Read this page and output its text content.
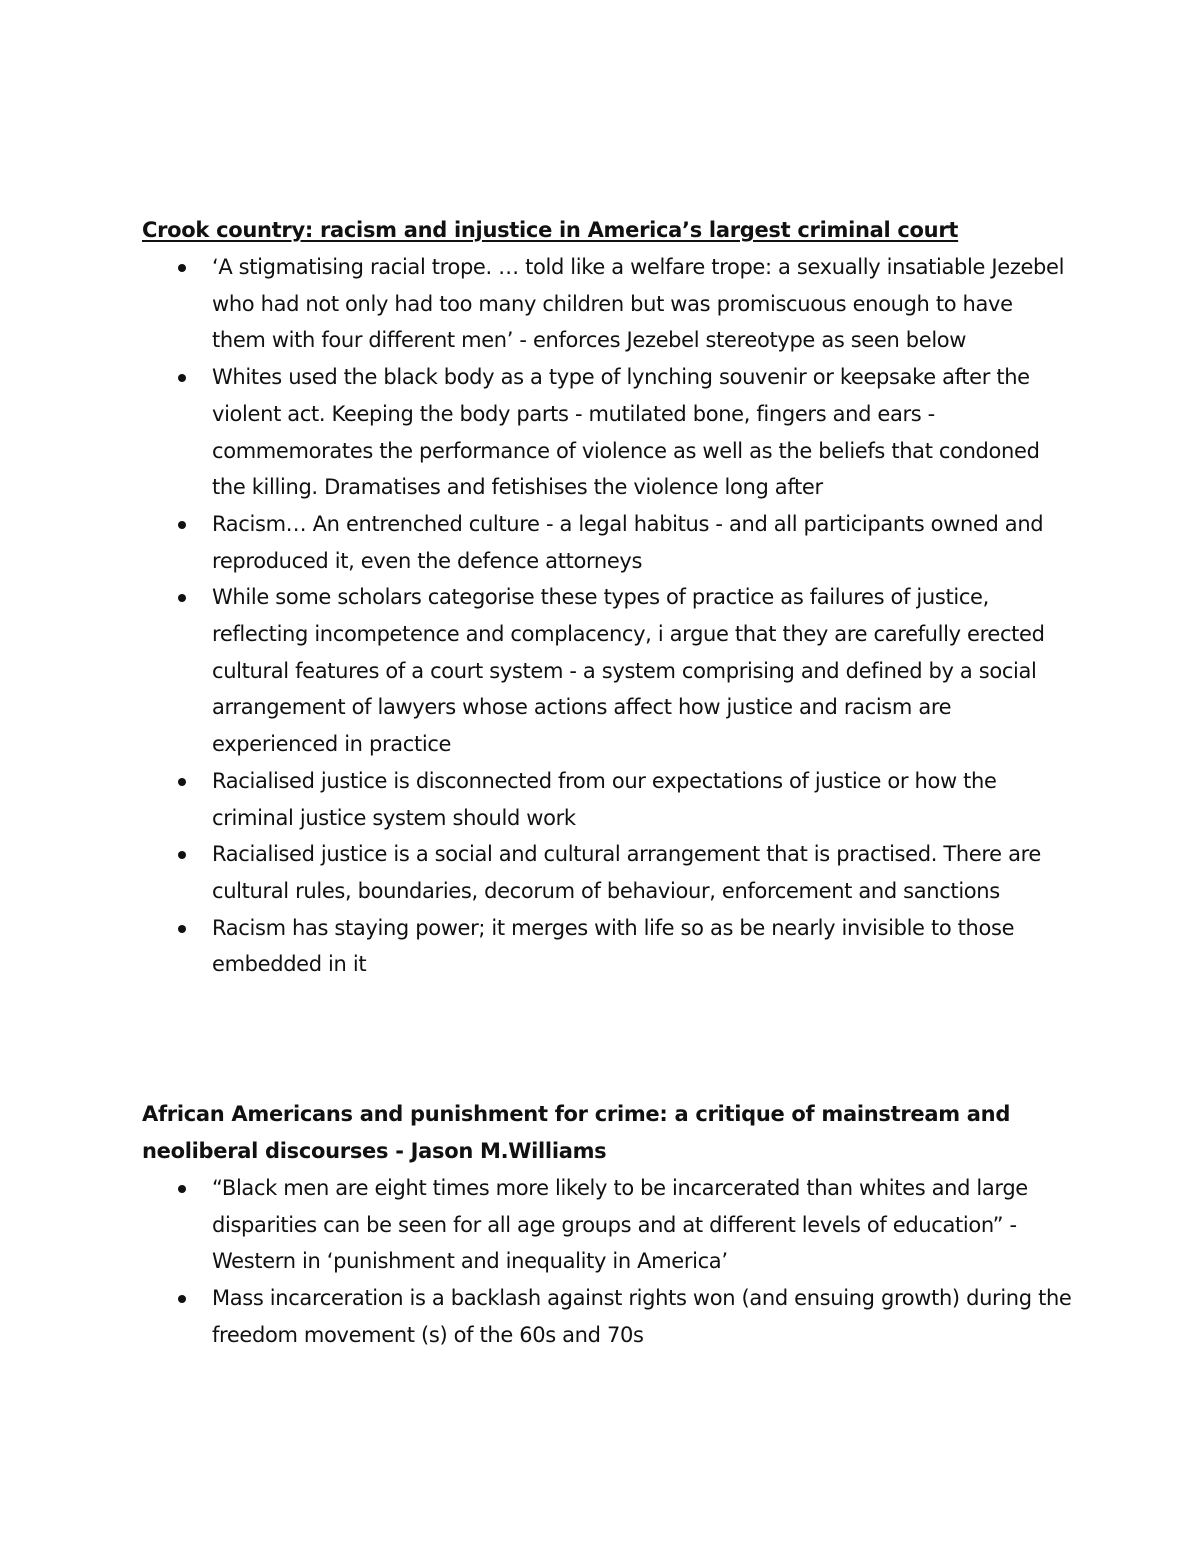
Crook country: racism and injustice in America’s largest criminal court
‘A stigmatising racial trope. … told like a welfare trope: a sexually insatiable Jezebel who had not only had too many children but was promiscuous enough to have them with four different men’ - enforces Jezebel stereotype as seen below
Whites used the black body as a type of lynching souvenir or keepsake after the violent act. Keeping the body parts - mutilated bone, fingers and ears - commemorates the performance of violence as well as the beliefs that condoned the killing. Dramatises and fetishises the violence long after
Racism… An entrenched culture - a legal habitus - and all participants owned and reproduced it, even the defence attorneys
While some scholars categorise these types of practice as failures of justice, reflecting incompetence and complacency, i argue that they are carefully erected cultural features of a court system - a system comprising and defined by a social arrangement of lawyers whose actions affect how justice and racism are experienced in practice
Racialised justice is disconnected from our expectations of justice or how the criminal justice system should work
Racialised justice is a social and cultural arrangement that is practised. There are cultural rules, boundaries, decorum of behaviour, enforcement and sanctions
Racism has staying power; it merges with life so as be nearly invisible to those embedded in it
African Americans and punishment for crime: a critique of mainstream and neoliberal discourses - Jason M.Williams
“Black men are eight times more likely to be incarcerated than whites and large disparities can be seen for all age groups and at different levels of education” - Western in ‘punishment and inequality in America’
Mass incarceration is a backlash against rights won (and ensuing growth) during the freedom movement (s) of the 60s and 70s
